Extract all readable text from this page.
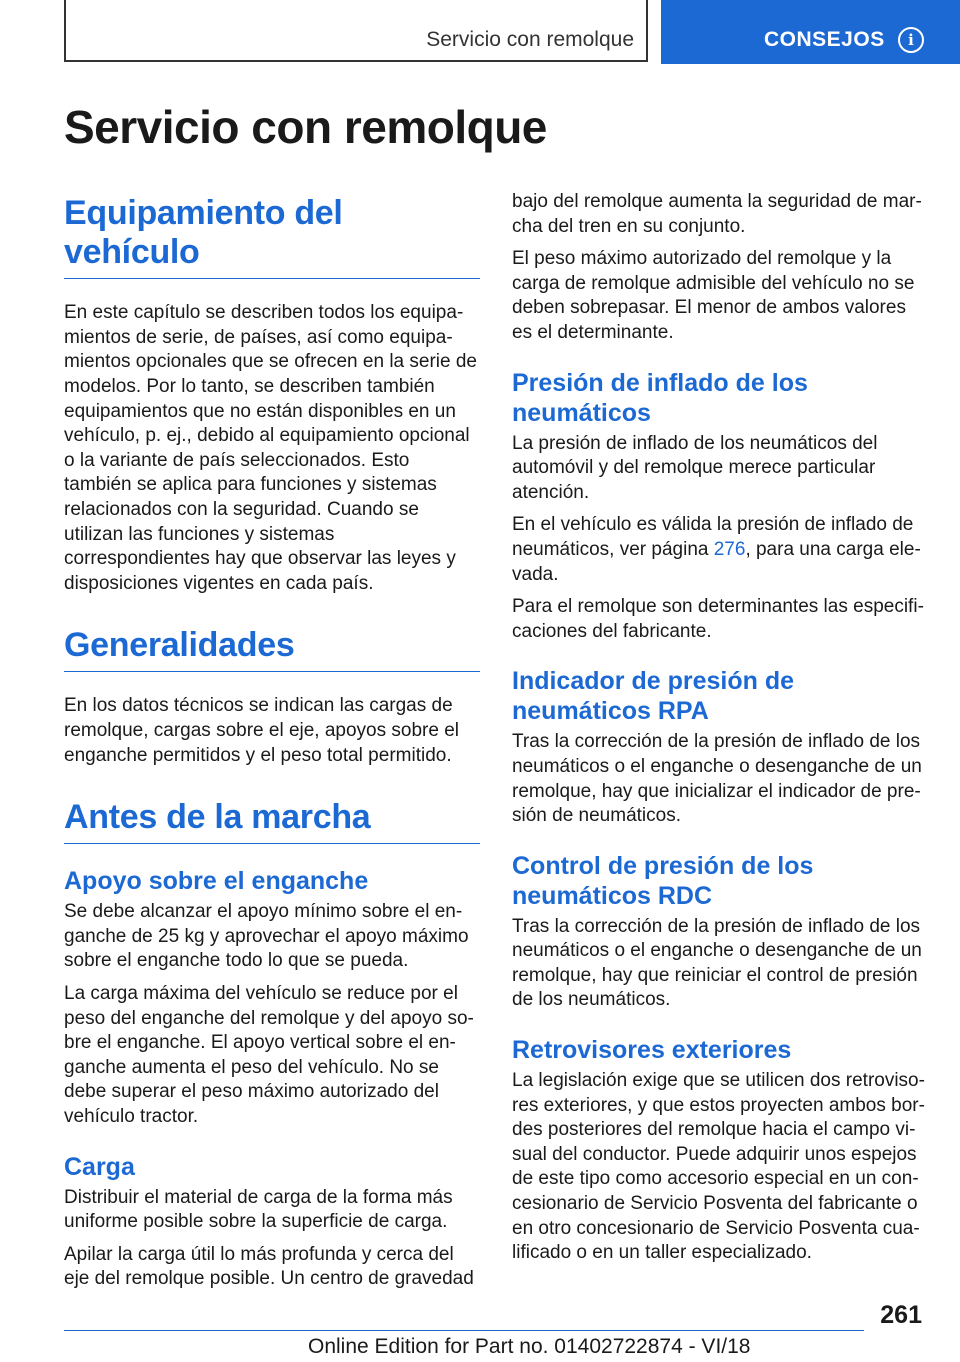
Servicio con remolque	CONSEJOS	i
Servicio con remolque
Equipamiento del vehículo

En este capítulo se describen todos los equipamientos de serie, de países, así como equipamientos opcionales que se ofrecen en la serie de modelos. Por lo tanto, se describen también equipamientos que no están disponibles en un vehículo, p. ej., debido al equipamiento opcional o la variante de país seleccionados. Esto también se aplica para funciones y sistemas relacionados con la seguridad. Cuando se utilizan las funciones y sistemas correspondientes hay que observar las leyes y disposiciones vigentes en cada país.

Generalidades

En los datos técnicos se indican las cargas de remolque, cargas sobre el eje, apoyos sobre el enganche permitidos y el peso total permitido.

Antes de la marcha
Apoyo sobre el enganche

Se debe alcanzar el apoyo mínimo sobre el enganche de 25 kg y aprovechar el apoyo máximo sobre el enganche todo lo que se pueda.

La carga máxima del vehículo se reduce por el peso del enganche del remolque y del apoyo sobre el enganche. El apoyo vertical sobre el enganche aumenta el peso del vehículo. No se debe superar el peso máximo autorizado del vehículo tractor.

Carga

Distribuir el material de carga de la forma más uniforme posible sobre la superficie de carga.

Apilar la carga útil lo más profunda y cerca del eje del remolque posible. Un centro de gravedad

bajo del remolque aumenta la seguridad de marcha del tren en su conjunto.

El peso máximo autorizado del remolque y la carga de remolque admisible del vehículo no se deben sobrepasar. El menor de ambos valores es el determinante.

Presión de inflado de los neumáticos

La presión de inflado de los neumáticos del automóvil y del remolque merece particular atención.

En el vehículo es válida la presión de inflado de neumáticos, ver página 276, para una carga elevada.

Para el remolque son determinantes las especificaciones del fabricante.

Indicador de presión de neumáticos RPA

Tras la corrección de la presión de inflado de los neumáticos o el enganche o desenganche de un remolque, hay que inicializar el indicador de presión de neumáticos.

Control de presión de los neumáticos RDC

Tras la corrección de la presión de inflado de los neumáticos o el enganche o desenganche de un remolque, hay que reiniciar el control de presión de los neumáticos.

Retrovisores exteriores

La legislación exige que se utilicen dos retrovisores exteriores, y que estos proyecten ambos bordes posteriores del remolque hacia el campo visual del conductor. Puede adquirir unos espejos de este tipo como accesorio especial en un concesionario de Servicio Posventa del fabricante o en otro concesionario de Servicio Posventa cualificado o en un taller especializado.

261
Online Edition for Part no. 01402722874 - VI/18
